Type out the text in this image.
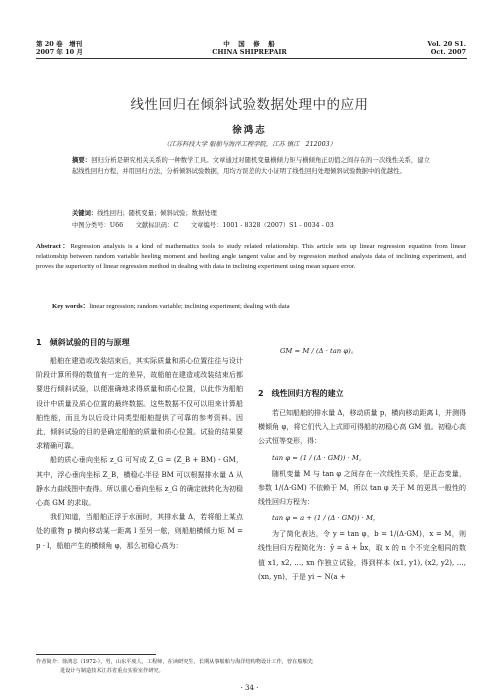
第 20 卷　增刊
2007 年 10 月
中　国　修　船
CHINA SHIPREPAIR
Vol. 20 S1.
Oct. 2007
线性回归在倾斜试验数据处理中的应用
徐鸿志
（江苏科技大学 船舶与海洋工程学院，江苏 镇江　212003）
摘要：回归分析是研究相关关系的一种数学工具。文章通过对随机变量横倾力矩与横倾角正切值之间存在的一次线性关系，建立起线性回归方程，并用回归方法，分析倾斜试验数据，用均方误差的大小证明了线性回归处理倾斜试验数据中的优越性。
关键词：线性回归；随机变量；倾斜试验；数据处理
中图分类号：U66　　文献标识码：C　　文章编号：1001 - 8328（2007）S1 - 0034 - 03
Abstract：Regression analysis is a kind of mathematics tools to study related relationship. This article sets up linear regression equation from linear relationship between random variable heeling moment and heeling angle tangent value and by regression method analysis data of inclining experiment, and proves the superiority of linear regression method in dealing with data in inclining experiment using mean square error.
Key words：linear regression; random variable; inclining experiment; dealing with data
1　倾斜试验的目的与原理

船舶在建造或改装结束后，其实际质量和质心位置往往与设计阶段计算所得的数值有一定的差异，故船舶在建造或改装结束后都要进行倾斜试验，以便准确地求得质量和质心位置，以此作为船舶设计中质量及质心位置的最终数据。这些数据不仅可以用来计算船舶性能，而且为以后设计同类型船舶提供了可靠的参考资料。因此，倾斜试验的目的是确定船舶的质量和质心位置。试验的结果要求精确可靠。

船的质心垂向坐标 z_G 可写成 Z_G = (Z_B + BM) - GM，其中，浮心垂向坐标 Z_B，横稳心半径 BM 可以根据排水量 Δ 从静水力曲线图中查得。所以重心垂向坐标 z_G 的确定就转化为初稳心高 GM 的求取。

我们知道，当船舶正浮于水面时，其排水量 Δ，若将船上某点处的重物 p 横向移动某一距离 l 至另一舷，则船舶横倾力矩 M = p · l，船舶产生的横倾角 φ，那么初稳心高为：

GM = M / (Δ · tan φ)。
2　线性回归方程的建立

若已知船舶的排水量 Δ，移动质量 p，横向移动距离 l，并测得横倾角 φ，将它们代入上式即可得船的初稳心高 GM 值。初稳心高公式恒等变形，得：

tan φ = (1 / (Δ · GM)) · M，

随机变量 M 与 tan φ 之间存在一次线性关系，是正态变量，参数 1/(Δ·GM) 不依赖于 M，所以 tan φ 关于 M 的更具一般性的线性回归方程为：

tan φ = a + (1 / (Δ · GM)) · M，

为了简化表达，令 y = tan φ，b = 1/(Δ·GM)，x = M，则线性回归方程简化为：ŷ = â + b̂x，取 x 的 n 个不完全相同的数值 x1, x2, …, xn 作独立试验，得到样本 (x1, y1), (x2, y2), …, (xn, yn)，于是 yi ~ N(a +

作者简介：徐鸿志（1972-），男，山东平度人，工程师，在读研究生，长期从事船舶与海洋结构物设计工作，曾在船舶先
进设计与制造技术江苏省重点实验室作研究。
· 34 ·
